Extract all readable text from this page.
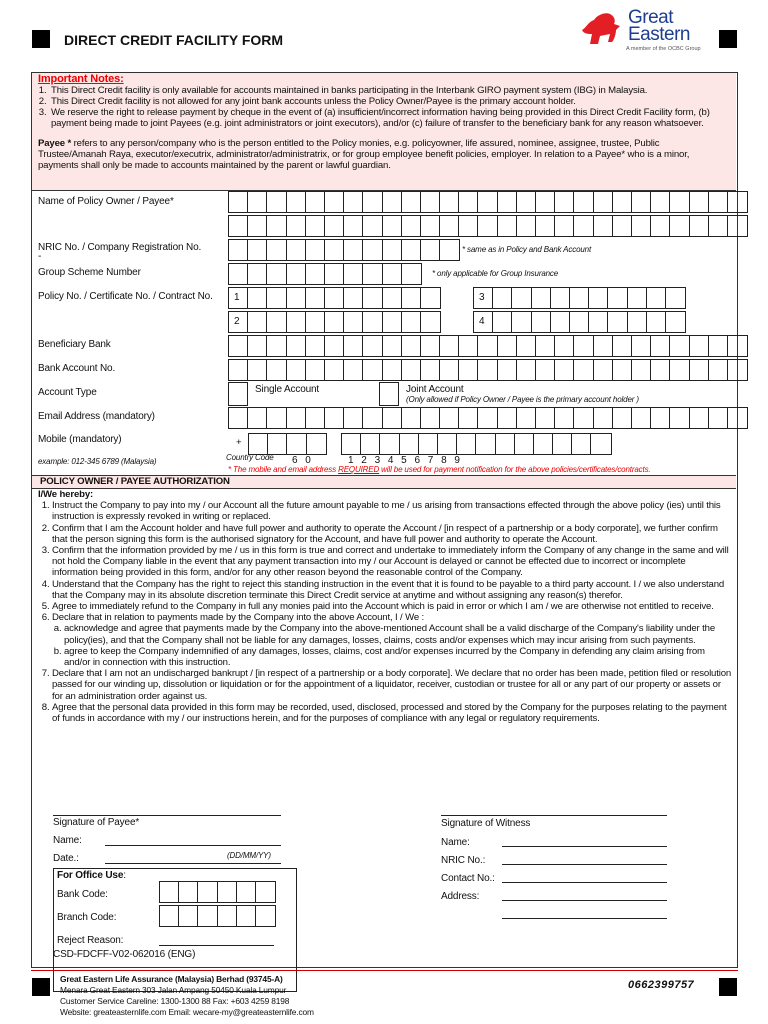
DIRECT CREDIT FACILITY FORM
Great
Eastern
A member of the OCBC Group
Important Notes:
1. This Direct Credit facility is only available for accounts maintained in banks participating in the Interbank GIRO payment system (IBG) in Malaysia.
2. This Direct Credit facility is not allowed for any joint bank accounts unless the Policy Owner/Payee is the primary account holder.
3. We reserve the right to release payment by cheque in the event of (a) insufficient/incorrect information having being provided in this Direct Credit Facility form, (b) payment being made to joint Payees (e.g. joint administrators or joint executors), and/or (c) failure of transfer to the beneficiary bank for any reason whatsoever.
Payee * refers to any person/company who is the person entitled to the Policy monies, e.g. policyowner, life assured, nominee, assignee, trustee, Public Trustee/Amanah Raya, executor/executrix, administrator/administratrix, or for group employee benefit policies, employer. In relation to a Payee* who is a minor, payments shall only be made to accounts maintained by the parent or lawful guardian.
Name of Policy Owner / Payee*
NRIC No. / Company Registration No.
-
* same as in Policy and Bank Account
Group Scheme Number	* only applicable for Group Insurance
Policy No. / Certificate No. / Contract No.	1	3
2	4
Beneficiary Bank
Bank Account No.
Account Type	Single Account	Joint Account
(Only allowed if Policy Owner / Payee is the primary account holder )
Email Address (mandatory)
Mobile (mandatory)	+
example: 012-345 6789 (Malaysia)	Country Code 6   0	1   2   3   4   5   6   7   8   9
* The mobile and email address REQUIRED will be used for payment notification for the above policies/certificates/contracts.
POLICY OWNER / PAYEE AUTHORIZATION
I/We hereby:
1. Instruct the Company to pay into my / our Account all the future amount payable to me / us arising from transactions effected through the above policy (ies) until this instruction is expressly revoked in writing or replaced.
2. Confirm that I am the Account holder and have full power and authority to operate the Account / [in respect of a partnership or a body corporate], we further confirm that the person signing this form is the authorised signatory for the Account, and have full power and authority to operate the Account.
3. Confirm that the information provided by me / us in this form is true and correct and undertake to immediately inform the Company of any change in the same and will not hold the Company liable in the event that any payment transaction into my / our Account is delayed or cannot be effected due to incorrect or incomplete information being provided in this form, and/or for any other reason beyond the reasonable control of the Company.
4. Understand that the Company has the right to reject this standing instruction in the event that it is found to be payable to a third party account. I / we also understand that the Company may in its absolute discretion terminate this Direct Credit service at anytime and without assigning any reason(s) therefor.
5. Agree to immediately refund to the Company in full any monies paid into the Account which is paid in error or which I am / we are otherwise not entitled to receive.
6. Declare that in relation to payments made by the Company into the above Account, I / We :
a. acknowledge and agree that payments made by the Company into the above-mentioned Account shall be a valid discharge of the Company's liability under the policy(ies), and that the Company shall not be liable for any damages, losses, claims, costs and/or expenses which may incur arising from such payments.
b. agree to keep the Company indemnified of any damages, losses, claims, cost and/or expenses incurred by the Company in defending any claim arising from and/or in connection with this instruction.
7. Declare that I am not an undischarged bankrupt / [in respect of a partnership or a body corporate]. We declare that no order has been made, petition filed or resolution passed for our winding up, dissolution or liquidation or for the appointment of a liquidator, receiver, custodian or trustee for all or any part of our property or assets or for an administration order against us.
8. Agree that the personal data provided in this form may be recorded, used, disclosed, processed and stored by the Company for the purposes relating to the payment of funds in accordance with my / our instructions herein, and for the purposes of compliance with any legal or regulatory requirements.
Signature of Payee*
Name:
Date.:	(DD/MM/YY)
Signature of Witness
Name:
NRIC No.:
Contact No.:
Address:
For Office Use:
Bank Code:
Branch Code:
Reject Reason:
CSD-FDCFF-V02-062016 (ENG)
Great Eastern Life Assurance (Malaysia) Berhad (93745-A)
Menara Great Eastern 303 Jalan Ampang 50450 Kuala Lumpur
Customer Service Careline: 1300-1300 88 Fax: +603 4259 8198
Website: greateasternlife.com Email: wecare-my@greateasternlife.com
0662399757
